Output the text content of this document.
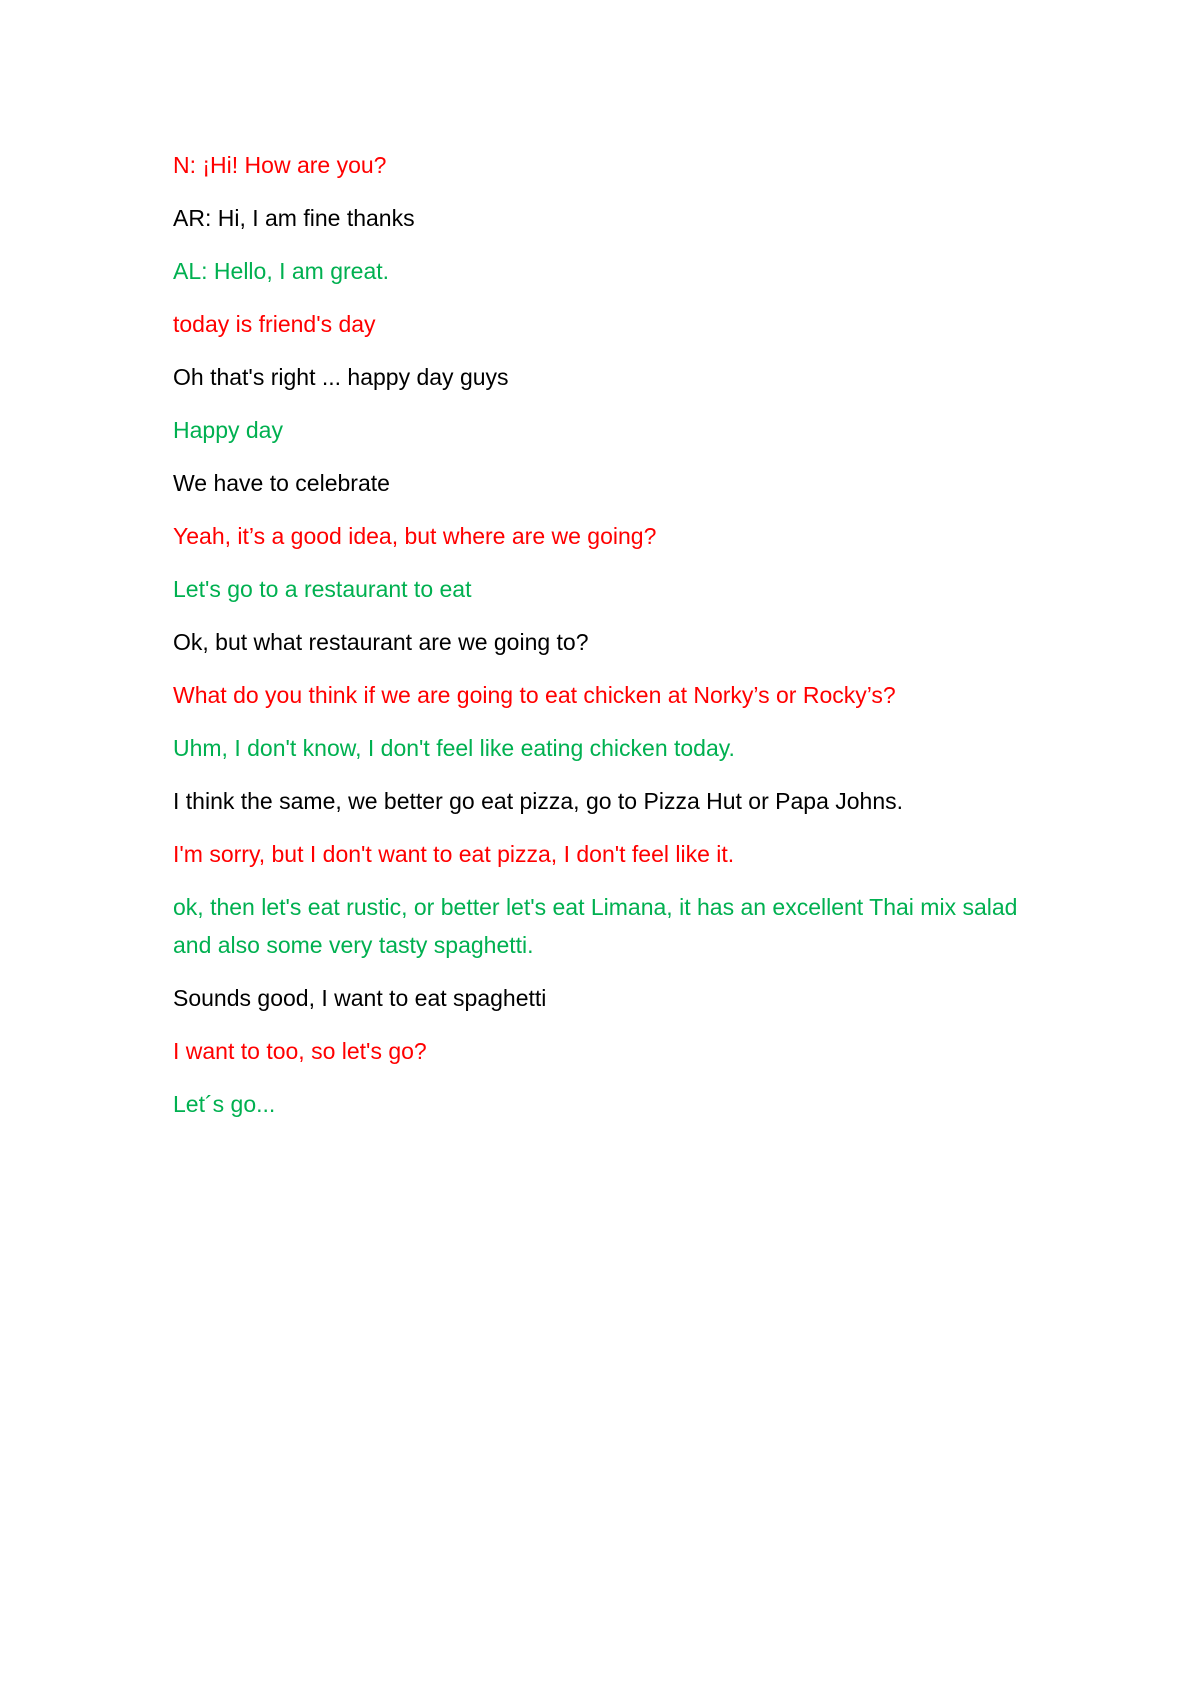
N: ¡Hi! How are you?

AR: Hi, I am fine thanks

AL: Hello, I am great.

today is friend's day

Oh that's right ... happy day guys

Happy day

We have to celebrate

Yeah, it’s a good idea, but where are we going?

Let's go to a restaurant to eat

Ok, but what restaurant are we going to?

What do you think if we are going to eat chicken at Norky’s or Rocky’s?

Uhm, I don't know, I don't feel like eating chicken today.

I think the same, we better go eat pizza, go to Pizza Hut or Papa Johns.

I'm sorry, but I don't want to eat pizza, I don't feel like it.

ok, then let's eat rustic, or better let's eat Limana, it has an excellent Thai mix salad and also some very tasty spaghetti.

Sounds good, I want to eat spaghetti

I want to too, so let's go?

Let´s go...
